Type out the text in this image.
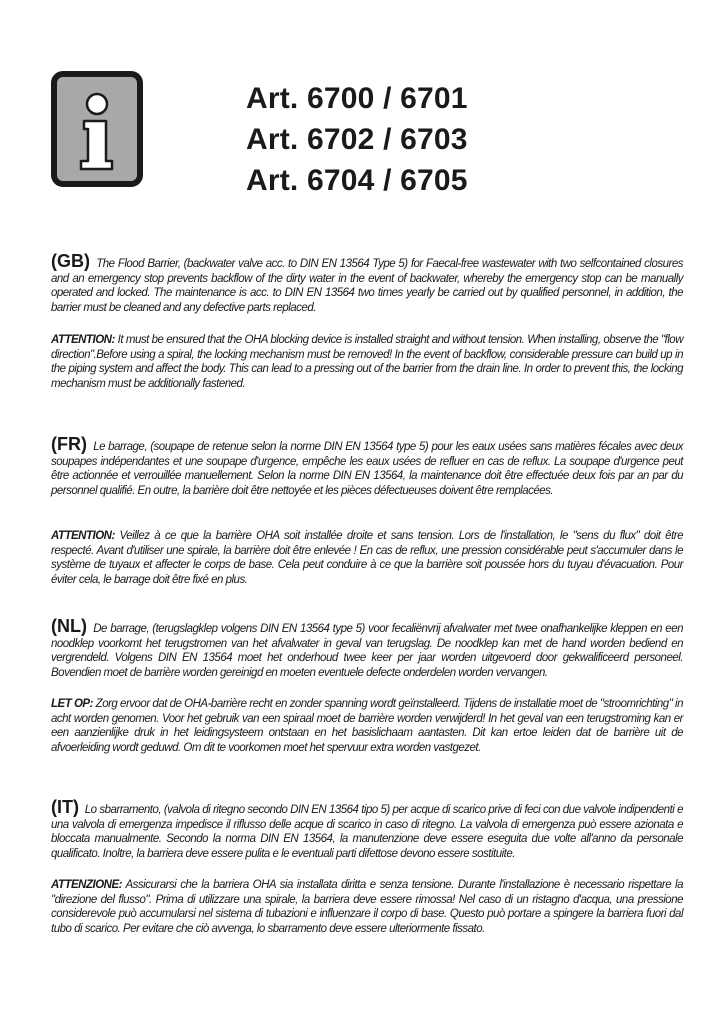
Art. 6700 / 6701
Art. 6702 / 6703
Art. 6704 / 6705

(GB) The Flood Barrier, (backwater valve acc. to DIN EN 13564 Type 5) for Faecal-free wastewater with two selfcontained closures and an emergency stop prevents backflow of the dirty water in the event of backwater, whereby the emergency stop can be manually operated and locked. The maintenance is acc. to DIN EN 13564 two times yearly be carried out by qualified personnel, in addition, the barrier must be cleaned and any defective parts replaced.

ATTENTION: It must be ensured that the OHA blocking device is installed straight and without tension. When installing, observe the "flow direction".Before using a spiral, the locking mechanism must be removed! In the event of backflow, considerable pressure can build up in the piping system and affect the body. This can lead to a pressing out of the barrier from the drain line. In order to prevent this, the locking mechanism must be additionally fastened.

(FR) Le barrage, (soupape de retenue selon la norme DIN EN 13564 type 5) pour les eaux usées sans matières fécales avec deux soupapes indépendantes et une soupape d'urgence, empêche les eaux usées de refluer en cas de reflux. La soupape d'urgence peut être actionnée et verrouillée manuellement. Selon la norme DIN EN 13564, la maintenance doit être effectuée deux fois par an par du personnel qualifié. En outre, la barrière doit être nettoyée et les pièces défectueuses doivent être remplacées.

ATTENTION: Veillez à ce que la barrière OHA soit installée droite et sans tension. Lors de l'installation, le "sens du flux" doit être respecté. Avant d'utiliser une spirale, la barrière doit être enlevée ! En cas de reflux, une pression considérable peut s'accumuler dans le système de tuyaux et affecter le corps de base. Cela peut conduire à ce que la barrière soit poussée hors du tuyau d'évacuation. Pour éviter cela, le barrage doit être fixé en plus.

(NL) De barrage, (terugslagklep volgens DIN EN 13564 type 5) voor fecaliënvrij afvalwater met twee onafhankelijke kleppen en een noodklep voorkomt het terugstromen van het afvalwater in geval van terugslag. De noodklep kan met de hand worden bediend en vergrendeld. Volgens DIN EN 13564 moet het onderhoud twee keer per jaar worden uitgevoerd door gekwalificeerd personeel. Bovendien moet de barrière worden gereinigd en moeten eventuele defecte onderdelen worden vervangen.

LET OP: Zorg ervoor dat de OHA-barrière recht en zonder spanning wordt geïnstalleerd. Tijdens de installatie moet de "stroomrichting" in acht worden genomen. Voor het gebruik van een spiraal moet de barrière worden verwijderd! In het geval van een terugstroming kan er een aanzienlijke druk in het leidingsysteem ontstaan en het basislichaam aantasten. Dit kan ertoe leiden dat de barrière uit de afvoerleiding wordt geduwd. Om dit te voorkomen moet het spervuur extra worden vastgezet.

(IT) Lo sbarramento, (valvola di ritegno secondo DIN EN 13564 tipo 5) per acque di scarico prive di feci con due valvole indipendenti e una valvola di emergenza impedisce il riflusso delle acque di scarico in caso di ritegno. La valvola di emergenza può essere azionata e bloccata manualmente. Secondo la norma DIN EN 13564, la manutenzione deve essere eseguita due volte all'anno da personale qualificato. Inoltre, la barriera deve essere pulita e le eventuali parti difettose devono essere sostituite.

ATTENZIONE: Assicurarsi che la barriera OHA sia installata diritta e senza tensione. Durante l'installazione è necessario rispettare la "direzione del flusso". Prima di utilizzare una spirale, la barriera deve essere rimossa! Nel caso di un ristagno d'acqua, una pressione considerevole può accumularsi nel sistema di tubazioni e influenzare il corpo di base. Questo può portare a spingere la barriera fuori dal tubo di scarico. Per evitare che ciò avvenga, lo sbarramento deve essere ulteriormente fissato.
